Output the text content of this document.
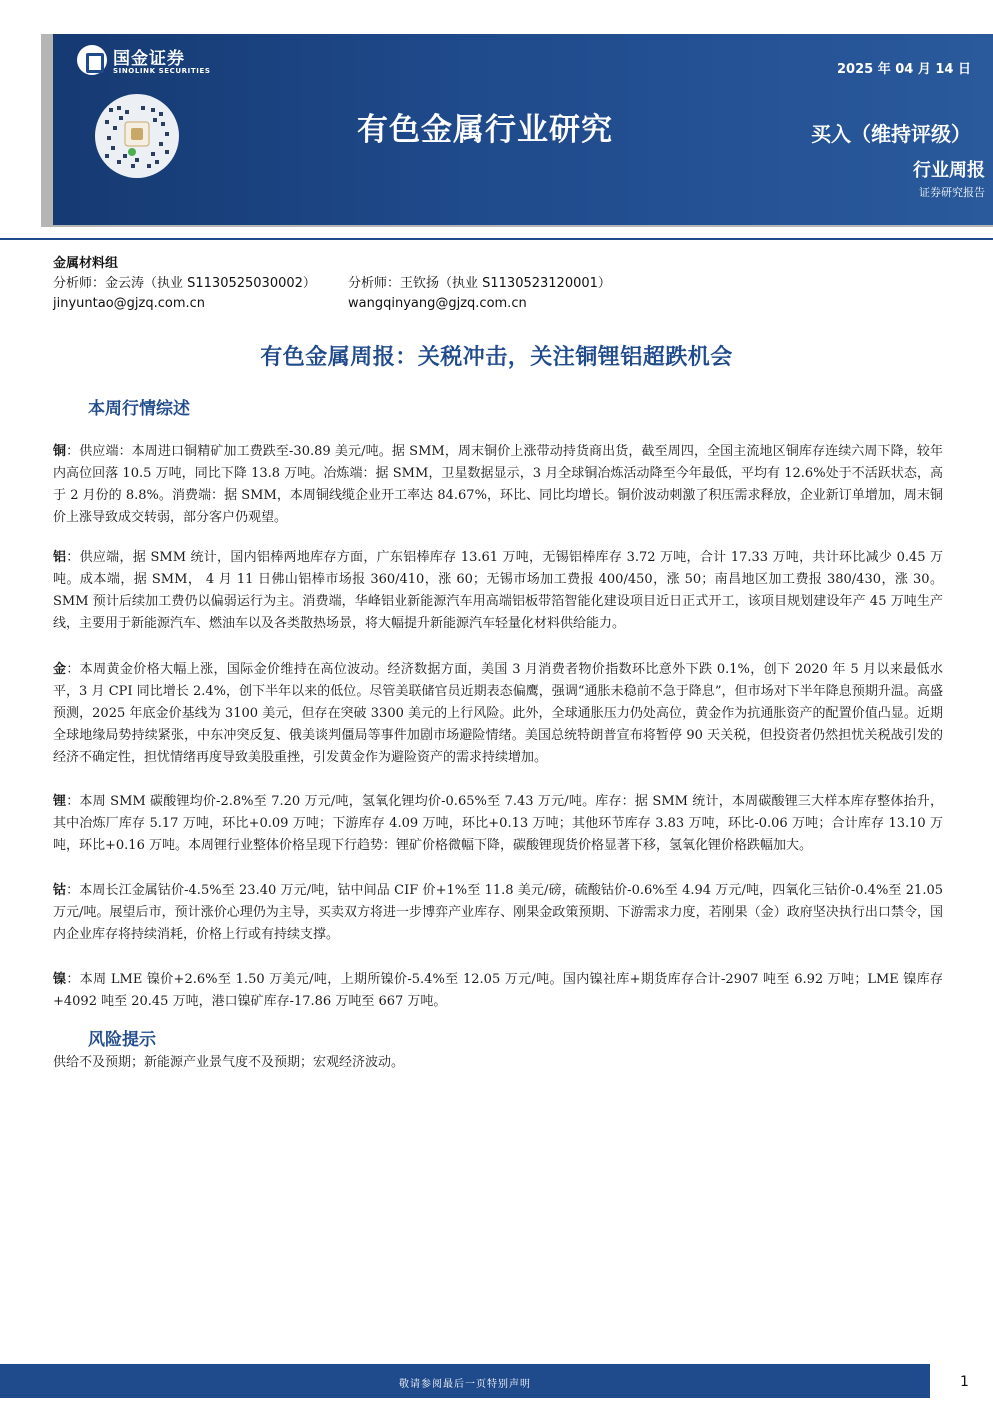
国金证券
SINOLINK SECURITIES	2025 年 04 月 14 日
有色金属行业研究	买入（维持评级）
行业周报
证券研究报告
金属材料组
分析师：金云涛（执业 S1130525030002） 分析师：王钦扬（执业 S1130523120001）
jinyuntao@gjzq.com.cn	wangqinyang@gjzq.com.cn
有色金属周报：关税冲击，关注铜锂铝超跌机会
本周行情综述

铜：供应端：本周进口铜精矿加工费跌至-30.89 美元/吨。据 SMM，周末铜价上涨带动持货商出货，截至周四，全国主流地区铜库存连续六周下降，较年内高位回落 10.5 万吨，同比下降 13.8 万吨。冶炼端：据 SMM，卫星数据显示，3 月全球铜冶炼活动降至今年最低，平均有 12.6%处于不活跃状态，高于 2 月份的 8.8%。消费端：据 SMM，本周铜线缆企业开工率达 84.67%，环比、同比均增长。铜价波动刺激了积压需求释放，企业新订单增加，周末铜价上涨导致成交转弱，部分客户仍观望。

铝：供应端，据 SMM 统计，国内铝棒两地库存方面，广东铝棒库存 13.61 万吨，无锡铝棒库存 3.72 万吨，合计 17.33 万吨，共计环比减少 0.45 万吨。成本端，据 SMM， 4 月 11 日佛山铝棒市场报 360/410，涨 60；无锡市场加工费报 400/450，涨 50；南昌地区加工费报 380/430，涨 30。SMM 预计后续加工费仍以偏弱运行为主。消费端，华峰铝业新能源汽车用高端铝板带箔智能化建设项目近日正式开工，该项目规划建设年产 45 万吨生产线，主要用于新能源汽车、燃油车以及各类散热场景，将大幅提升新能源汽车轻量化材料供给能力。

金：本周黄金价格大幅上涨，国际金价维持在高位波动。经济数据方面，美国 3 月消费者物价指数环比意外下跌 0.1%，创下 2020 年 5 月以来最低水平，3 月 CPI 同比增长 2.4%，创下半年以来的低位。尽管美联储官员近期表态偏鹰，强调“通胀未稳前不急于降息”，但市场对下半年降息预期升温。高盛预测，2025 年底金价基线为 3100 美元，但存在突破 3300 美元的上行风险。此外，全球通胀压力仍处高位，黄金作为抗通胀资产的配置价值凸显。近期全球地缘局势持续紧张，中东冲突反复、俄美谈判僵局等事件加剧市场避险情绪。美国总统特朗普宣布将暂停 90 天关税，但投资者仍然担忧关税战引发的经济不确定性，担忧情绪再度导致美股重挫，引发黄金作为避险资产的需求持续增加。

锂：本周 SMM 碳酸锂均价-2.8%至 7.20 万元/吨，氢氧化锂均价-0.65%至 7.43 万元/吨。库存：据 SMM 统计，本周碳酸锂三大样本库存整体抬升，其中冶炼厂库存 5.17 万吨，环比+0.09 万吨；下游库存 4.09 万吨，环比+0.13 万吨；其他环节库存 3.83 万吨，环比-0.06 万吨；合计库存 13.10 万吨，环比+0.16 万吨。本周锂行业整体价格呈现下行趋势：锂矿价格微幅下降，碳酸锂现货价格显著下移，氢氧化锂价格跌幅加大。

钴：本周长江金属钴价-4.5%至 23.40 万元/吨，钴中间品 CIF 价+1%至 11.8 美元/磅，硫酸钴价-0.6%至 4.94 万元/吨，四氧化三钴价-0.4%至 21.05 万元/吨。展望后市，预计涨价心理仍为主导，买卖双方将进一步博弈产业库存、刚果金政策预期、下游需求力度，若刚果（金）政府坚决执行出口禁令，国内企业库存将持续消耗，价格上行或有持续支撑。

镍：本周 LME 镍价+2.6%至 1.50 万美元/吨，上期所镍价-5.4%至 12.05 万元/吨。国内镍社库+期货库存合计-2907 吨至 6.92 万吨；LME 镍库存+4092 吨至 20.45 万吨，港口镍矿库存-17.86 万吨至 667 万吨。

风险提示
供给不及预期；新能源产业景气度不及预期；宏观经济波动。
敬请参阅最后一页特别声明	1
